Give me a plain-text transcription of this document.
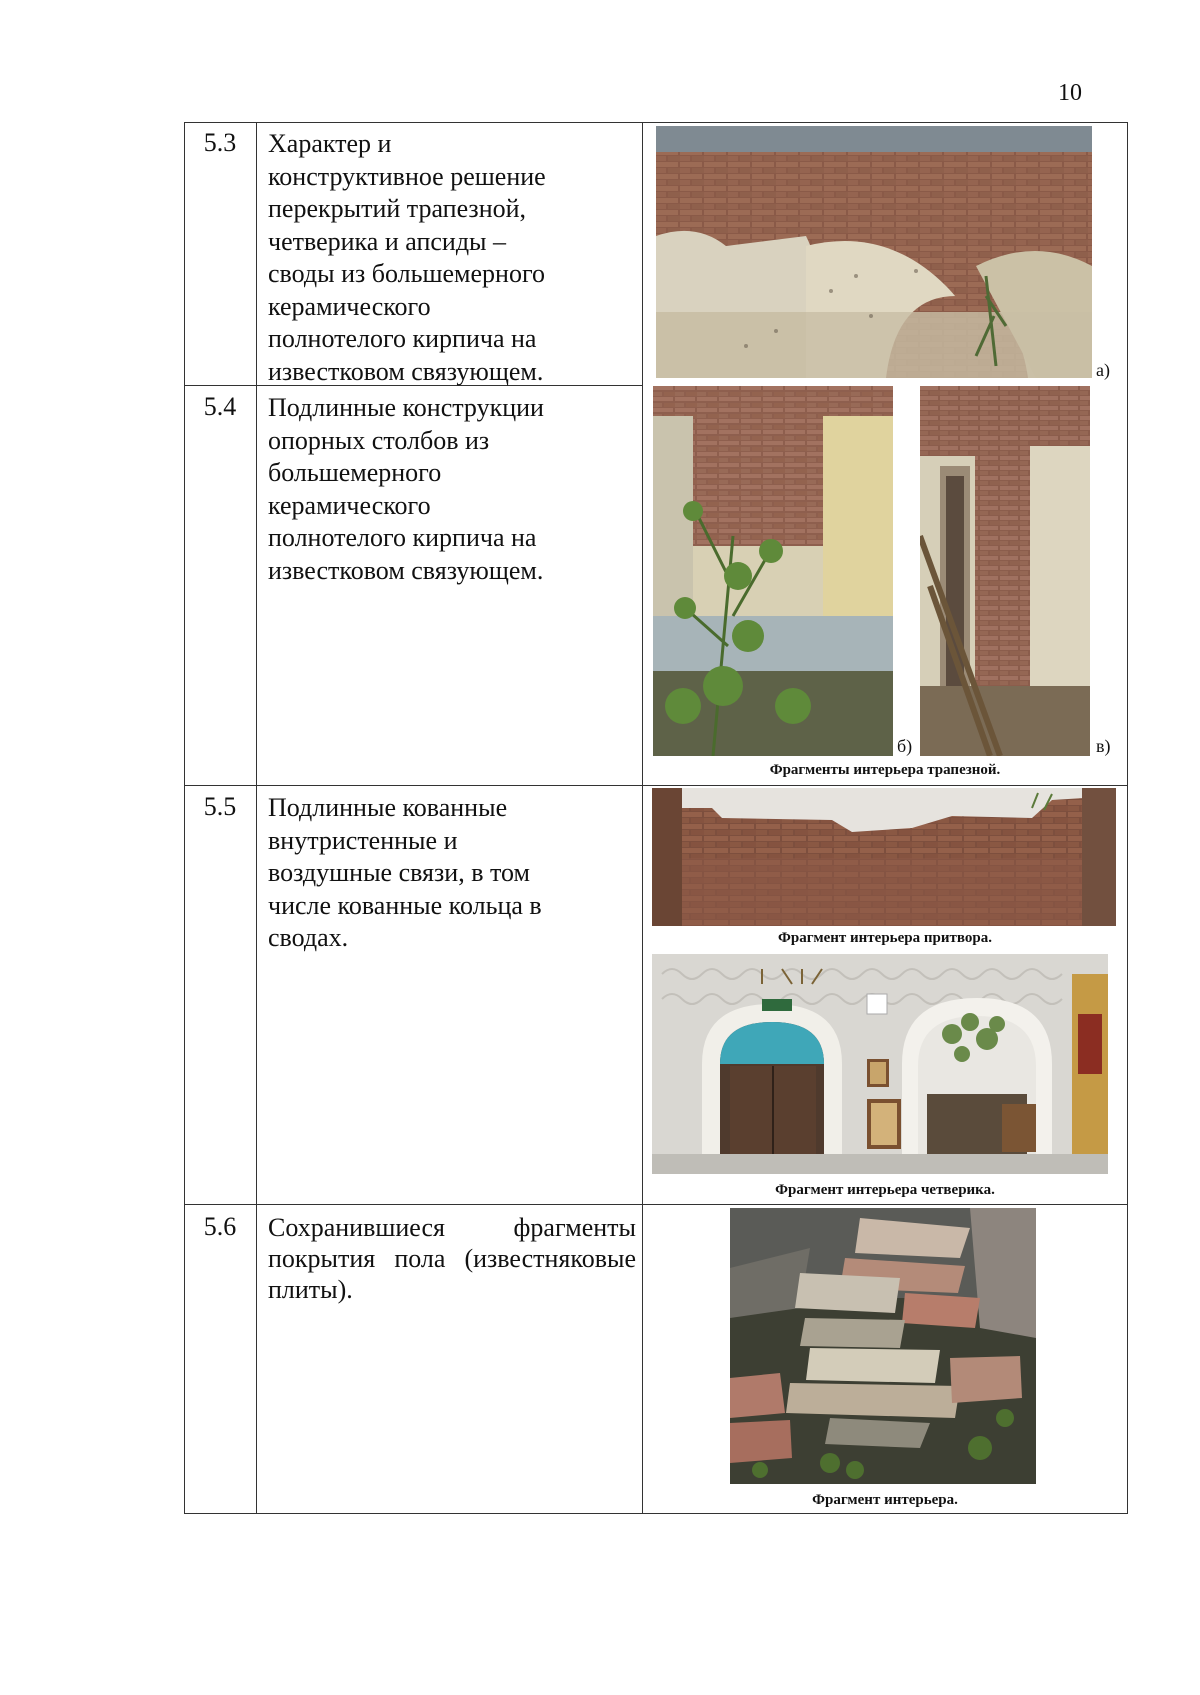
10
5.3	Характер и конструктивное решение перекрытий трапезной, четверика и апсиды – своды из большемерного керамического полнотелого кирпича на известковом связующем.
5.4	Подлинные конструкции опорных столбов из большемерного керамического полнотелого кирпича на известковом связующем.
5.5	Подлинные кованные внутристенные и воздушные связи, в том числе кованные кольца в сводах.
5.6	Сохранившиеся фрагменты покрытия пола (известняковые плиты).
а)
б)	в)
Фрагменты интерьера трапезной.
Фрагмент интерьера притвора.
Фрагмент интерьера четверика.
Фрагмент интерьера.
